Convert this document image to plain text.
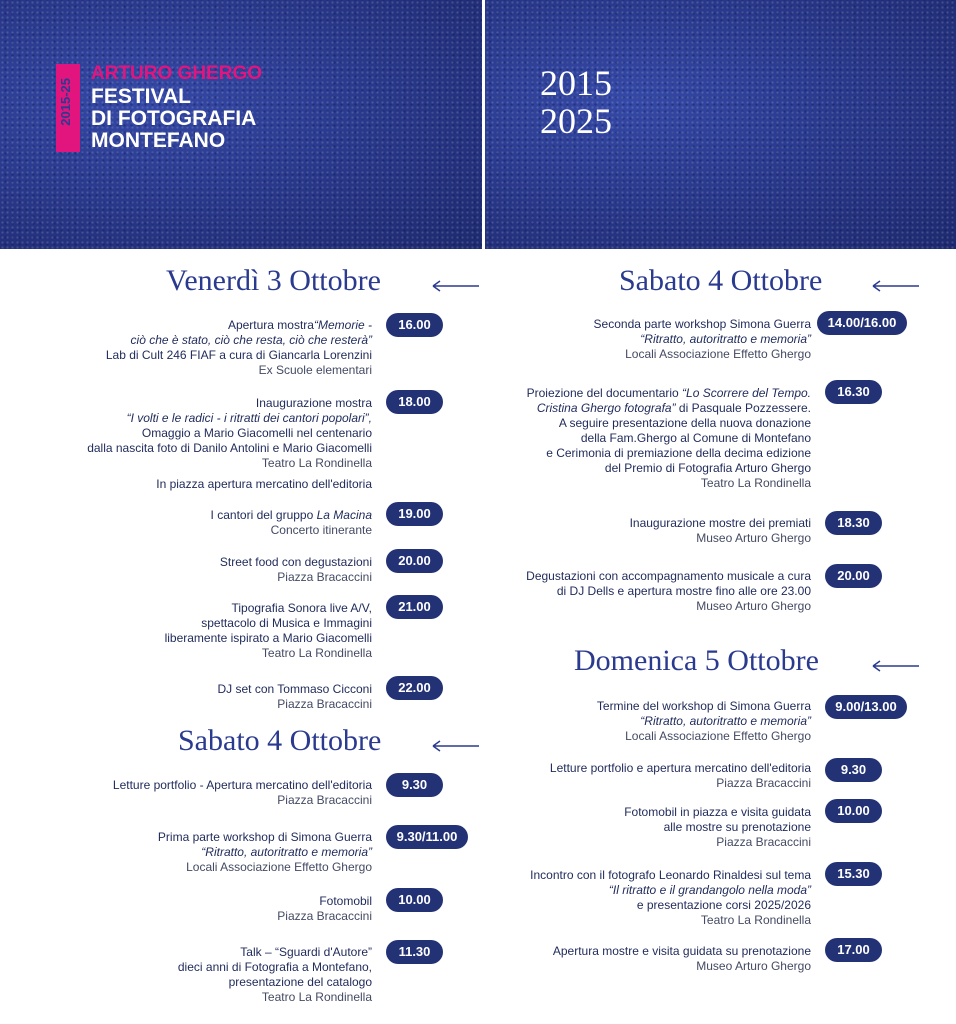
2015-25
ARTURO GHERGO
FESTIVAL
DI FOTOGRAFIA
MONTEFANO
2015
2025
Venerdì 3 Ottobre
Sabato 4 Ottobre
Sabato 4 Ottobre
Domenica 5 Ottobre
Apertura mostra“Memorie -
ciò che è stato, ciò che resta, ciò che resterà”
Lab di Cult 246 FIAF a cura di Giancarla Lorenzini
Ex Scuole elementari
16.00
Inaugurazione mostra
“I volti e le radici - i ritratti dei cantori popolari”,
Omaggio a Mario Giacomelli nel centenario
dalla nascita foto di Danilo Antolini e Mario Giacomelli
Teatro La Rondinella
18.00
In piazza apertura mercatino dell'editoria
I cantori del gruppo La Macina
Concerto itinerante
19.00
Street food con degustazioni
Piazza Bracaccini
20.00
Tipografia Sonora live A/V,
spettacolo di Musica e Immagini
liberamente ispirato a Mario Giacomelli
Teatro La Rondinella
21.00
DJ set con Tommaso Cicconi
Piazza Bracaccini
22.00
Letture portfolio - Apertura mercatino dell'editoria
Piazza Bracaccini
9.30
Prima parte workshop di Simona Guerra
“Ritratto, autoritratto e memoria”
Locali Associazione Effetto Ghergo
9.30/11.00
Fotomobil
Piazza Bracaccini
10.00
Talk – “Sguardi d'Autore”
dieci anni di Fotografia a Montefano,
presentazione del catalogo
Teatro La Rondinella
11.30
Seconda parte workshop Simona Guerra
“Ritratto, autoritratto e memoria”
Locali Associazione Effetto Ghergo
14.00/16.00
Proiezione del documentario “Lo Scorrere del Tempo.
Cristina Ghergo fotografa” di Pasquale Pozzessere.
A seguire presentazione della nuova donazione
della Fam.Ghergo al Comune di Montefano
e Cerimonia di premiazione della decima edizione
del Premio di Fotografia Arturo Ghergo
Teatro La Rondinella
16.30
Inaugurazione mostre dei premiati
Museo Arturo Ghergo
18.30
Degustazioni con accompagnamento musicale a cura
di DJ Dells e apertura mostre fino alle ore 23.00
Museo Arturo Ghergo
20.00
Termine del workshop di Simona Guerra
“Ritratto, autoritratto e memoria”
Locali Associazione Effetto Ghergo
9.00/13.00
Letture portfolio e apertura mercatino dell'editoria
Piazza Bracaccini
9.30
Fotomobil in piazza e visita guidata
alle mostre su prenotazione
Piazza Bracaccini
10.00
Incontro con il fotografo Leonardo Rinaldesi sul tema
“Il ritratto e il grandangolo nella moda”
e presentazione corsi 2025/2026
Teatro La Rondinella
15.30
Apertura mostre e visita guidata su prenotazione
Museo Arturo Ghergo
17.00
